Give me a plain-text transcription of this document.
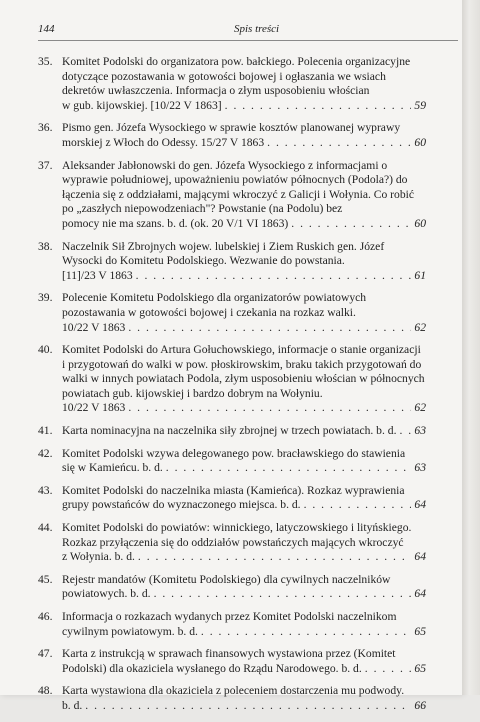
144	Spis treści
35. Komitet Podolski do organizatora pow. bałckiego. Polecenia organizacyjne dotyczące pozostawania w gotowości bojowej i ogłaszania we wsiach dekretów uwłaszczenia. Informacja o złym usposobieniu włościan
w gub. kijowskiej. [10/22 V 1863] . . .	59
36. Pismo gen. Józefa Wysockiego w sprawie kosztów planowanej wyprawy
morskiej z Włoch do Odessy. 15/27 V 1863 . . .	60
37. Aleksander Jabłonowski do gen. Józefa Wysockiego z informacjami o wyprawie południowej, upoważnieniu powiatów północnych (Podola?) do łączenia się z oddziałami, mającymi wkroczyć z Galicji i Wołynia. Co robić po „zaszłych niepowodzeniach"? Powstanie (na Podolu) bez
pomocy nie ma szans. b. d. (ok. 20 V/1 VI 1863) . . .	60
38. Naczelnik Sił Zbrojnych wojew. lubelskiej i Ziem Ruskich gen. Józef Wysocki do Komitetu Podolskiego. Wezwanie do powstania.
[11]/23 V 1863 . . .	61
39. Polecenie Komitetu Podolskiego dla organizatorów powiatowych pozostawania w gotowości bojowej i czekania na rozkaz walki.
10/22 V 1863 . . .	62
40. Komitet Podolski do Artura Gołuchowskiego, informacje o stanie organizacji i przygotowań do walki w pow. płoskirowskim, braku takich przygotowań do walki w innych powiatach Podola, złym usposobieniu włościan w północnych powiatach gub. kijowskiej i bardzo dobrym na Wołyniu.
10/22 V 1863 . . .	62
41. Karta nominacyjna na naczelnika siły zbrojnej w trzech powiatach. b. d. . . . 63
42. Komitet Podolski wzywa delegowanego pow. bracławskiego do stawienia
się w Kamieńcu. b. d. . . .	63
43. Komitet Podolski do naczelnika miasta (Kamieńca). Rozkaz wyprawienia
grupy powstańców do wyznaczonego miejsca. b. d. . . .	64
44. Komitet Podolski do powiatów: winnickiego, latyczowskiego i lityńskiego. Rozkaz przyłączenia się do oddziałów powstańczych mających wkroczyć
z Wołynia. b. d. . . .	64
45. Rejestr mandatów (Komitetu Podolskiego) dla cywilnych naczelników
powiatowych. b. d. . . .	64
46. Informacja o rozkazach wydanych przez Komitet Podolski naczelnikom
cywilnym powiatowym. b. d. . . .	65
47. Karta z instrukcją w sprawach finansowych wystawiona przez (Komitet
Podolski) dla okaziciela wysłanego do Rządu Narodowego. b. d. . . .	65
48. Karta wystawiona dla okaziciela z poleceniem dostarczenia mu podwody.
b. d. . . .	66
